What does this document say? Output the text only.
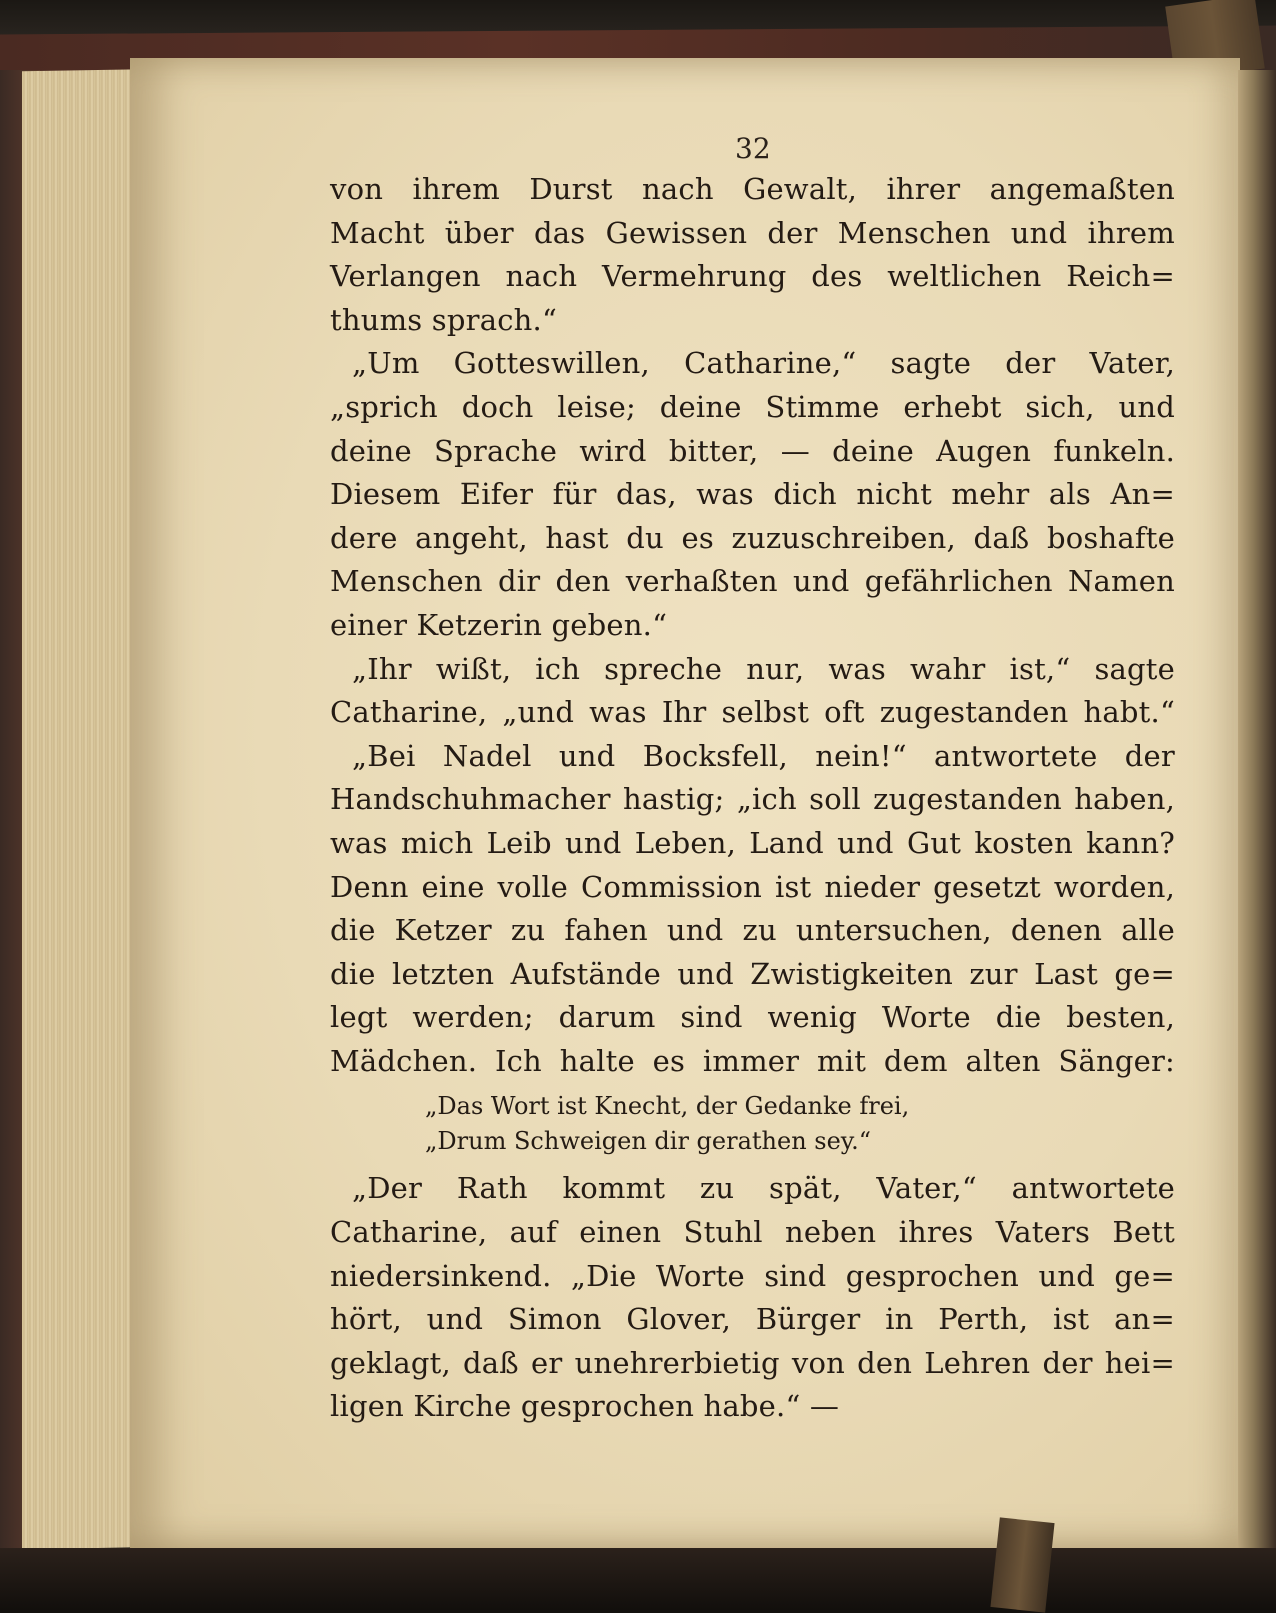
32
von ihrem Durst nach Gewalt, ihrer angemaßten
Macht über das Gewissen der Menschen und ihrem
Verlangen nach Vermehrung des weltlichen Reich=
thums sprach.“
„Um Gotteswillen, Catharine,“ sagte der Vater,
„sprich doch leise; deine Stimme erhebt sich, und
deine Sprache wird bitter, — deine Augen funkeln.
Diesem Eifer für das, was dich nicht mehr als An=
dere angeht, hast du es zuzuschreiben, daß boshafte
Menschen dir den verhaßten und gefährlichen Namen
einer Ketzerin geben.“
„Ihr wißt, ich spreche nur, was wahr ist,“ sagte
Catharine, „und was Ihr selbst oft zugestanden habt.“
„Bei Nadel und Bocksfell, nein!“ antwortete der
Handschuhmacher hastig; „ich soll zugestanden haben,
was mich Leib und Leben, Land und Gut kosten kann?
Denn eine volle Commission ist nieder gesetzt worden,
die Ketzer zu fahen und zu untersuchen, denen alle
die letzten Aufstände und Zwistigkeiten zur Last ge=
legt werden; darum sind wenig Worte die besten,
Mädchen. Ich halte es immer mit dem alten Sänger:
„Das Wort ist Knecht, der Gedanke frei,
„Drum Schweigen dir gerathen sey.“
„Der Rath kommt zu spät, Vater,“ antwortete
Catharine, auf einen Stuhl neben ihres Vaters Bett
niedersinkend. „Die Worte sind gesprochen und ge=
hört, und Simon Glover, Bürger in Perth, ist an=
geklagt, daß er unehrerbietig von den Lehren der hei=
ligen Kirche gesprochen habe.“ —
